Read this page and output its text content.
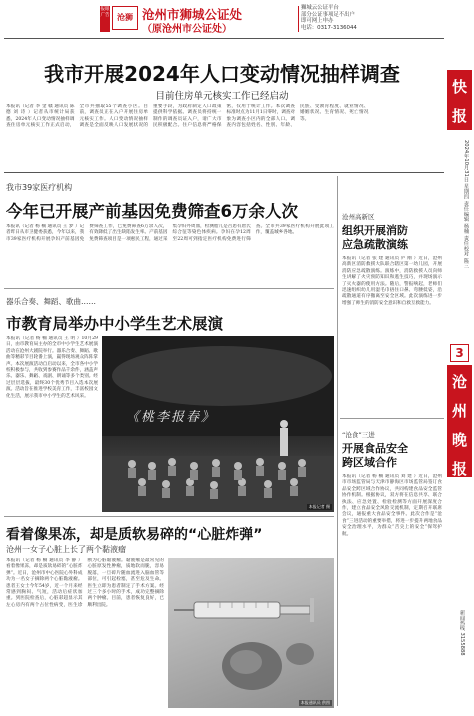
报眼广告 沧狮 沧州市狮城公证处
（原沧州市公证处）
狮城云公证平台
部分公证事项足不出户
即可网上申办
电话：0317-3136044
我市开展2024年人口变动情况抽样调查
目前住房单元核实工作已经启动
本报讯（记者 李 金 赣 通讯员 陈 德 刘 诗 ）记者从市统计局获悉，2024年人口变动情况抽样调查住房单元核实工作正式启动，全市共抽取55个调查小区。目前，调查员正在入户开展住房单元核实工作。人口变动情况抽样调查是全面反映人口发展状况的重要手段，为政府制定人口政策提供科学依据。调查员将持统一制作的调查员证入户，请广大市民积极配合。住户信息将严格保密，仅用于统计工作。本次调查标准时点为11月1日零时，调查对象为调查小区内的全部人口。调查内容包括姓名、性别、年龄、民族、受教育程度、就业情况、婚姻状况、生育情况、死亡情况等。
快
报
2024年10月31日 星期四 责任编辑 杨楠 责任校对 陈三
3
沧
州
晚
报
新闻热线 3155888
我市39家医疗机构
今年已开展产前基因免费筛查6万余人次
本报讯（记者 杨 楠 通讯员 王 梦 ）记者昨日从市卫健委获悉，今年以来，我市39家医疗机构开展孕妇产前基因免费筛查工作，已免费筛查6万余人次，有效降低了出生缺陷发生率。产前基因免费筛查项目是一项惠民工程，通过采集孕妇外周血，检测胎儿是否患有唐氏综合征等染色体疾病。孕妇在孕12周至22周可到指定医疗机构免费进行筛查。全市共39家医疗机构开展此项工作，覆盖城乡各地。
沧州高新区
组织开展消防
应急疏散演练
本报讯（记者 张 建 通讯员 庐 刚 ）近日，沧州高新区消防救援大队联合辖区第一幼儿园，开展消防应急疏散演练。演练中，消防救援人员向师生讲解了火灾预防知识和逃生技巧，并现场演示了灭火器的使用方法。随后，警报响起，老师们迅速组织幼儿用湿毛巾捂住口鼻、弯腰低姿，沿疏散通道有序撤离至安全区域。此次演练进一步增强了师生的消防安全意识和自救互救能力。
器乐合奏、舞蹈、歌曲……
市教育局举办中小学生艺术展演
本报讯（记者 杨 楠 通讯员 王 明 ）10月29日，由市教育局主办的全市中小学生艺术展演活动在沧州大剧院举行。器乐合奏、舞蹈、歌曲等精彩节目轮番上演，赢得现场观众阵阵掌声。本次展演活动自启动以来，全市各中小学校积极参与，共收到参赛作品千余件，涵盖声乐、器乐、舞蹈、戏剧、朗诵等多个类别。经过层层选拔，最终30个优秀节目入选本次展演。活动旨在推进学校美育工作，丰富校园文化生活，展示我市中小学生的艺术风采。
《桃李报春》
本报记者 摄
“沧食”三进
开展食品安全
跨区域合作
本报讯（记者 杨 楠 通讯员 刘 建 ）近日，沧州市市场监管局与天津市静海区市场监管局签订食品安全跨区域合作协议，共同构建食品安全监管协作机制。根据协议，双方将在信息共享、联合执法、应急处置、检验检测等方面开展深度合作，建立食品安全风险交流机制，定期召开联席会议，通报重大食品安全事件。此次合作是“沧食”三进活动的重要举措，将进一步提升两地食品安全治理水平，为群众“舌尖上的安全”保驾护航。
看着像果冻，却是质软易碎的“心脏炸弹”
沧州一女子心脏上长了两个黏液瘤
本报讯（记者 杨 楠 通讯员 李 静 ）看着像果冻，却是质软易碎的“心脏炸弹”。近日，沧州市中心医院心外科成功为一名女子摘除两个心脏黏液瘤。患者王女士今年54岁，近一个月来经常感到胸闷、气短，活动后症状加重。到医院检查后，心脏彩超显示其左心房内有两个占位性病变，医生诊断为心脏黏液瘤。黏液瘤是最常见的心脏原发性肿瘤，质地软而脆，容易脱落，一旦碎片随血流进入脑血管等部位，可引起栓塞，甚至危及生命。医生立即为患者制定了手术方案。经过三个多小时的手术，成功完整摘除两个肿瘤。目前，患者恢复良好，已顺利出院。
本报通讯员 供图
